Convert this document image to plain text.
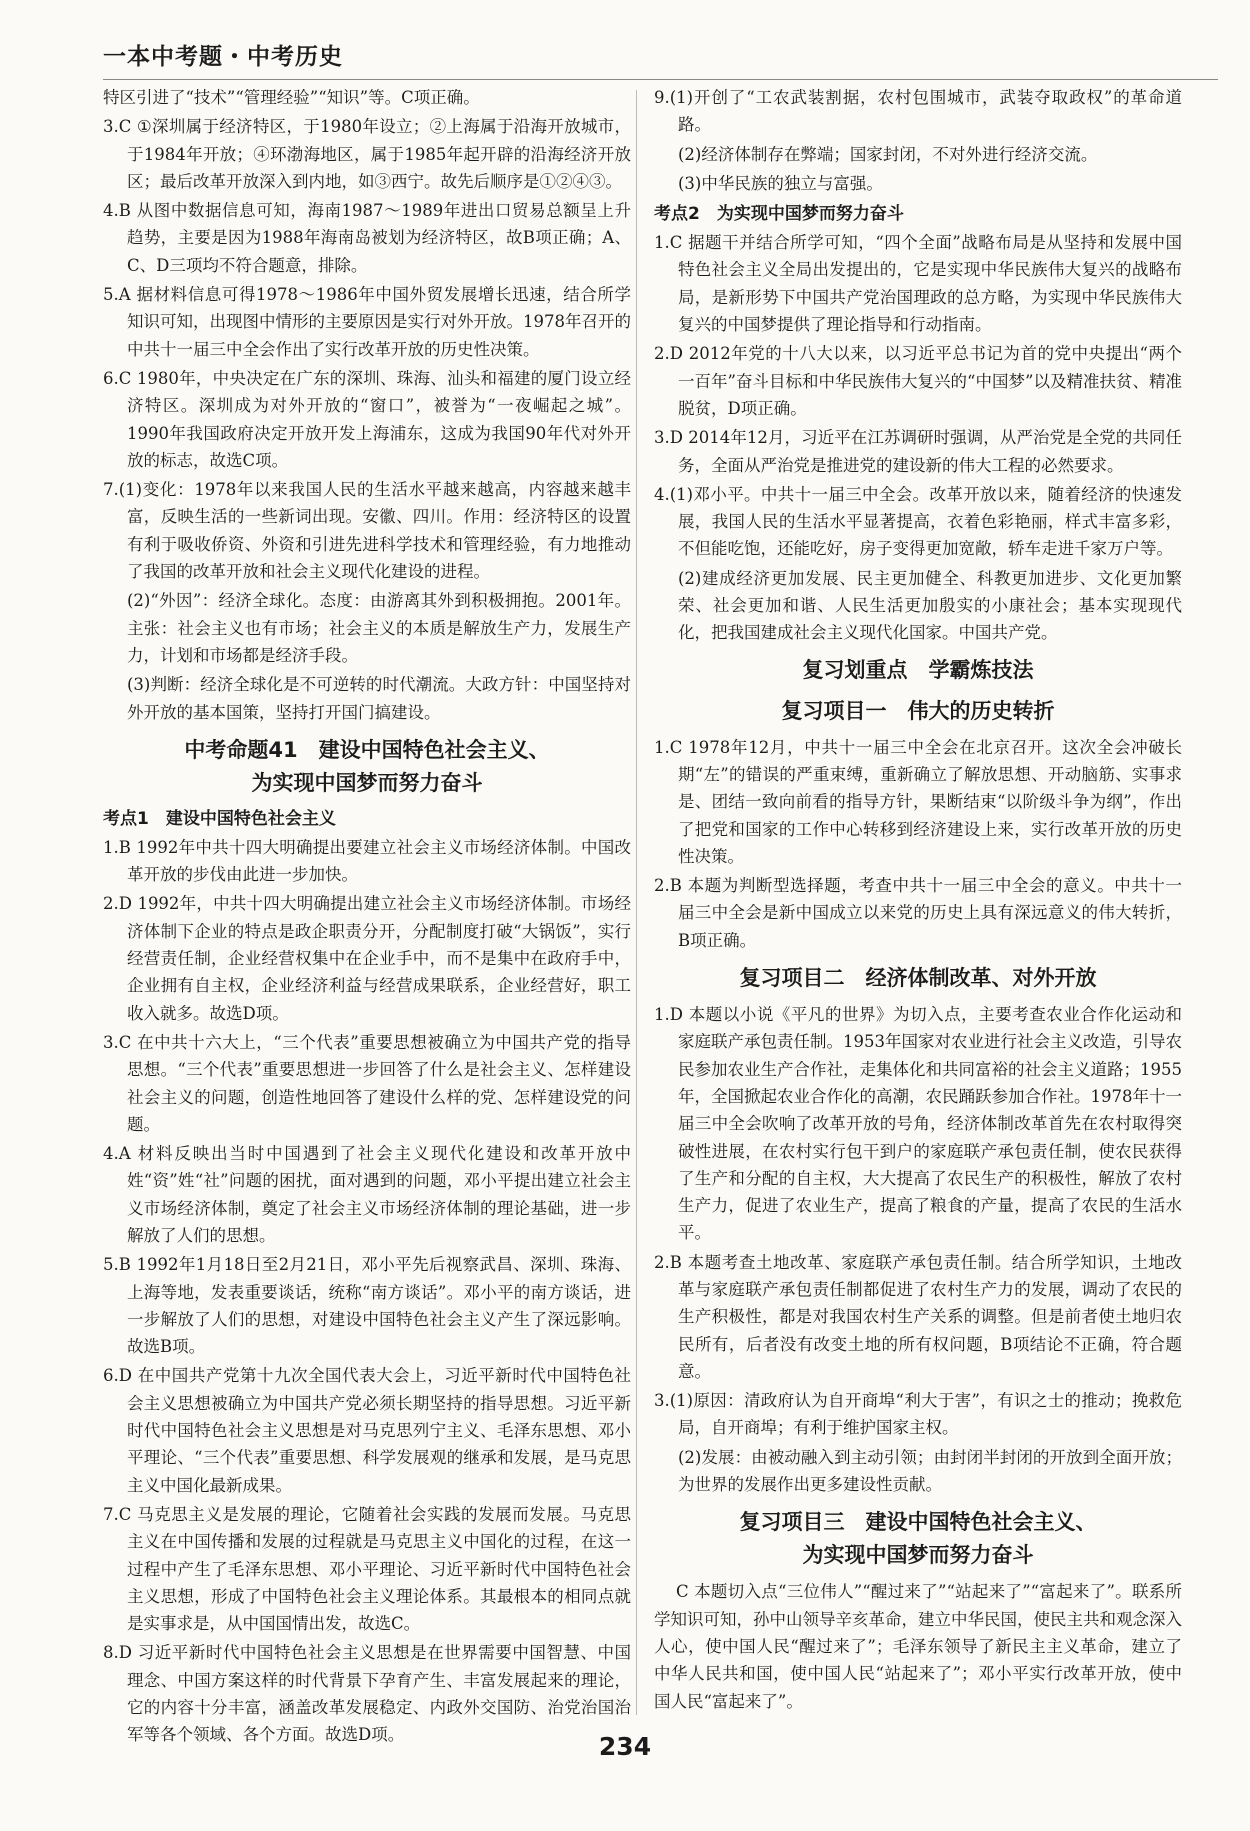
一本中考题・中考历史

特区引进了“技术”“管理经验”“知识”等。C项正确。

3.C ①深圳属于经济特区，于1980年设立；②上海属于沿海开放城市，于1984年开放；④环渤海地区，属于1985年起开辟的沿海经济开放区；最后改革开放深入到内地，如③西宁。故先后顺序是①②④③。

4.B 从图中数据信息可知，海南1987～1989年进出口贸易总额呈上升趋势，主要是因为1988年海南岛被划为经济特区，故B项正确；A、C、D三项均不符合题意，排除。

5.A 据材料信息可得1978～1986年中国外贸发展增长迅速，结合所学知识可知，出现图中情形的主要原因是实行对外开放。1978年召开的中共十一届三中全会作出了实行改革开放的历史性决策。

6.C 1980年，中央决定在广东的深圳、珠海、汕头和福建的厦门设立经济特区。深圳成为对外开放的“窗口”，被誉为“一夜崛起之城”。1990年我国政府决定开放开发上海浦东，这成为我国90年代对外开放的标志，故选C项。

7.(1)变化：1978年以来我国人民的生活水平越来越高，内容越来越丰富，反映生活的一些新词出现。安徽、四川。作用：经济特区的设置有利于吸收侨资、外资和引进先进科学技术和管理经验，有力地推动了我国的改革开放和社会主义现代化建设的进程。

(2)“外因”：经济全球化。态度：由游离其外到积极拥抱。2001年。主张：社会主义也有市场；社会主义的本质是解放生产力，发展生产力，计划和市场都是经济手段。

(3)判断：经济全球化是不可逆转的时代潮流。大政方针：中国坚持对外开放的基本国策，坚持打开国门搞建设。

中考命题41　建设中国特色社会主义、
为实现中国梦而努力奋斗
考点1　建设中国特色社会主义

1.B 1992年中共十四大明确提出要建立社会主义市场经济体制。中国改革开放的步伐由此进一步加快。

2.D 1992年，中共十四大明确提出建立社会主义市场经济体制。市场经济体制下企业的特点是政企职责分开，分配制度打破“大锅饭”，实行经营责任制，企业经营权集中在企业手中，而不是集中在政府手中，企业拥有自主权，企业经济利益与经营成果联系，企业经营好，职工收入就多。故选D项。

3.C 在中共十六大上，“三个代表”重要思想被确立为中国共产党的指导思想。“三个代表”重要思想进一步回答了什么是社会主义、怎样建设社会主义的问题，创造性地回答了建设什么样的党、怎样建设党的问题。

4.A 材料反映出当时中国遇到了社会主义现代化建设和改革开放中姓“资”姓“社”问题的困扰，面对遇到的问题，邓小平提出建立社会主义市场经济体制，奠定了社会主义市场经济体制的理论基础，进一步解放了人们的思想。

5.B 1992年1月18日至2月21日，邓小平先后视察武昌、深圳、珠海、上海等地，发表重要谈话，统称“南方谈话”。邓小平的南方谈话，进一步解放了人们的思想，对建设中国特色社会主义产生了深远影响。故选B项。

6.D 在中国共产党第十九次全国代表大会上，习近平新时代中国特色社会主义思想被确立为中国共产党必须长期坚持的指导思想。习近平新时代中国特色社会主义思想是对马克思列宁主义、毛泽东思想、邓小平理论、“三个代表”重要思想、科学发展观的继承和发展，是马克思主义中国化最新成果。

7.C 马克思主义是发展的理论，它随着社会实践的发展而发展。马克思主义在中国传播和发展的过程就是马克思主义中国化的过程，在这一过程中产生了毛泽东思想、邓小平理论、习近平新时代中国特色社会主义思想，形成了中国特色社会主义理论体系。其最根本的相同点就是实事求是，从中国国情出发，故选C。

8.D 习近平新时代中国特色社会主义思想是在世界需要中国智慧、中国理念、中国方案这样的时代背景下孕育产生、丰富发展起来的理论，它的内容十分丰富，涵盖改革发展稳定、内政外交国防、治党治国治军等各个领域、各个方面。故选D项。

9.(1)开创了“工农武装割据，农村包围城市，武装夺取政权”的革命道路。

(2)经济体制存在弊端；国家封闭，不对外进行经济交流。

(3)中华民族的独立与富强。

考点2　为实现中国梦而努力奋斗

1.C 据题干并结合所学可知，“四个全面”战略布局是从坚持和发展中国特色社会主义全局出发提出的，它是实现中华民族伟大复兴的战略布局，是新形势下中国共产党治国理政的总方略，为实现中华民族伟大复兴的中国梦提供了理论指导和行动指南。

2.D 2012年党的十八大以来，以习近平总书记为首的党中央提出“两个一百年”奋斗目标和中华民族伟大复兴的“中国梦”以及精准扶贫、精准脱贫，D项正确。

3.D 2014年12月，习近平在江苏调研时强调，从严治党是全党的共同任务，全面从严治党是推进党的建设新的伟大工程的必然要求。

4.(1)邓小平。中共十一届三中全会。改革开放以来，随着经济的快速发展，我国人民的生活水平显著提高，衣着色彩艳丽，样式丰富多彩，不但能吃饱，还能吃好，房子变得更加宽敞，轿车走进千家万户等。

(2)建成经济更加发展、民主更加健全、科教更加进步、文化更加繁荣、社会更加和谐、人民生活更加殷实的小康社会；基本实现现代化，把我国建成社会主义现代化国家。中国共产党。

复习划重点　学霸炼技法
复习项目一　伟大的历史转折

1.C 1978年12月，中共十一届三中全会在北京召开。这次全会冲破长期“左”的错误的严重束缚，重新确立了解放思想、开动脑筋、实事求是、团结一致向前看的指导方针，果断结束“以阶级斗争为纲”，作出了把党和国家的工作中心转移到经济建设上来，实行改革开放的历史性决策。

2.B 本题为判断型选择题，考查中共十一届三中全会的意义。中共十一届三中全会是新中国成立以来党的历史上具有深远意义的伟大转折，B项正确。

复习项目二　经济体制改革、对外开放

1.D 本题以小说《平凡的世界》为切入点，主要考查农业合作化运动和家庭联产承包责任制。1953年国家对农业进行社会主义改造，引导农民参加农业生产合作社，走集体化和共同富裕的社会主义道路；1955年，全国掀起农业合作化的高潮，农民踊跃参加合作社。1978年十一届三中全会吹响了改革开放的号角，经济体制改革首先在农村取得突破性进展，在农村实行包干到户的家庭联产承包责任制，使农民获得了生产和分配的自主权，大大提高了农民生产的积极性，解放了农村生产力，促进了农业生产，提高了粮食的产量，提高了农民的生活水平。

2.B 本题考查土地改革、家庭联产承包责任制。结合所学知识，土地改革与家庭联产承包责任制都促进了农村生产力的发展，调动了农民的生产积极性，都是对我国农村生产关系的调整。但是前者使土地归农民所有，后者没有改变土地的所有权问题，B项结论不正确，符合题意。

3.(1)原因：清政府认为自开商埠“利大于害”，有识之士的推动；挽救危局，自开商埠；有利于维护国家主权。

(2)发展：由被动融入到主动引领；由封闭半封闭的开放到全面开放；为世界的发展作出更多建设性贡献。

复习项目三　建设中国特色社会主义、
为实现中国梦而努力奋斗

C 本题切入点“三位伟人”“醒过来了”“站起来了”“富起来了”。联系所学知识可知，孙中山领导辛亥革命，建立中华民国，使民主共和观念深入人心，使中国人民“醒过来了”；毛泽东领导了新民主主义革命，建立了中华人民共和国，使中国人民“站起来了”；邓小平实行改革开放，使中国人民“富起来了”。

234
